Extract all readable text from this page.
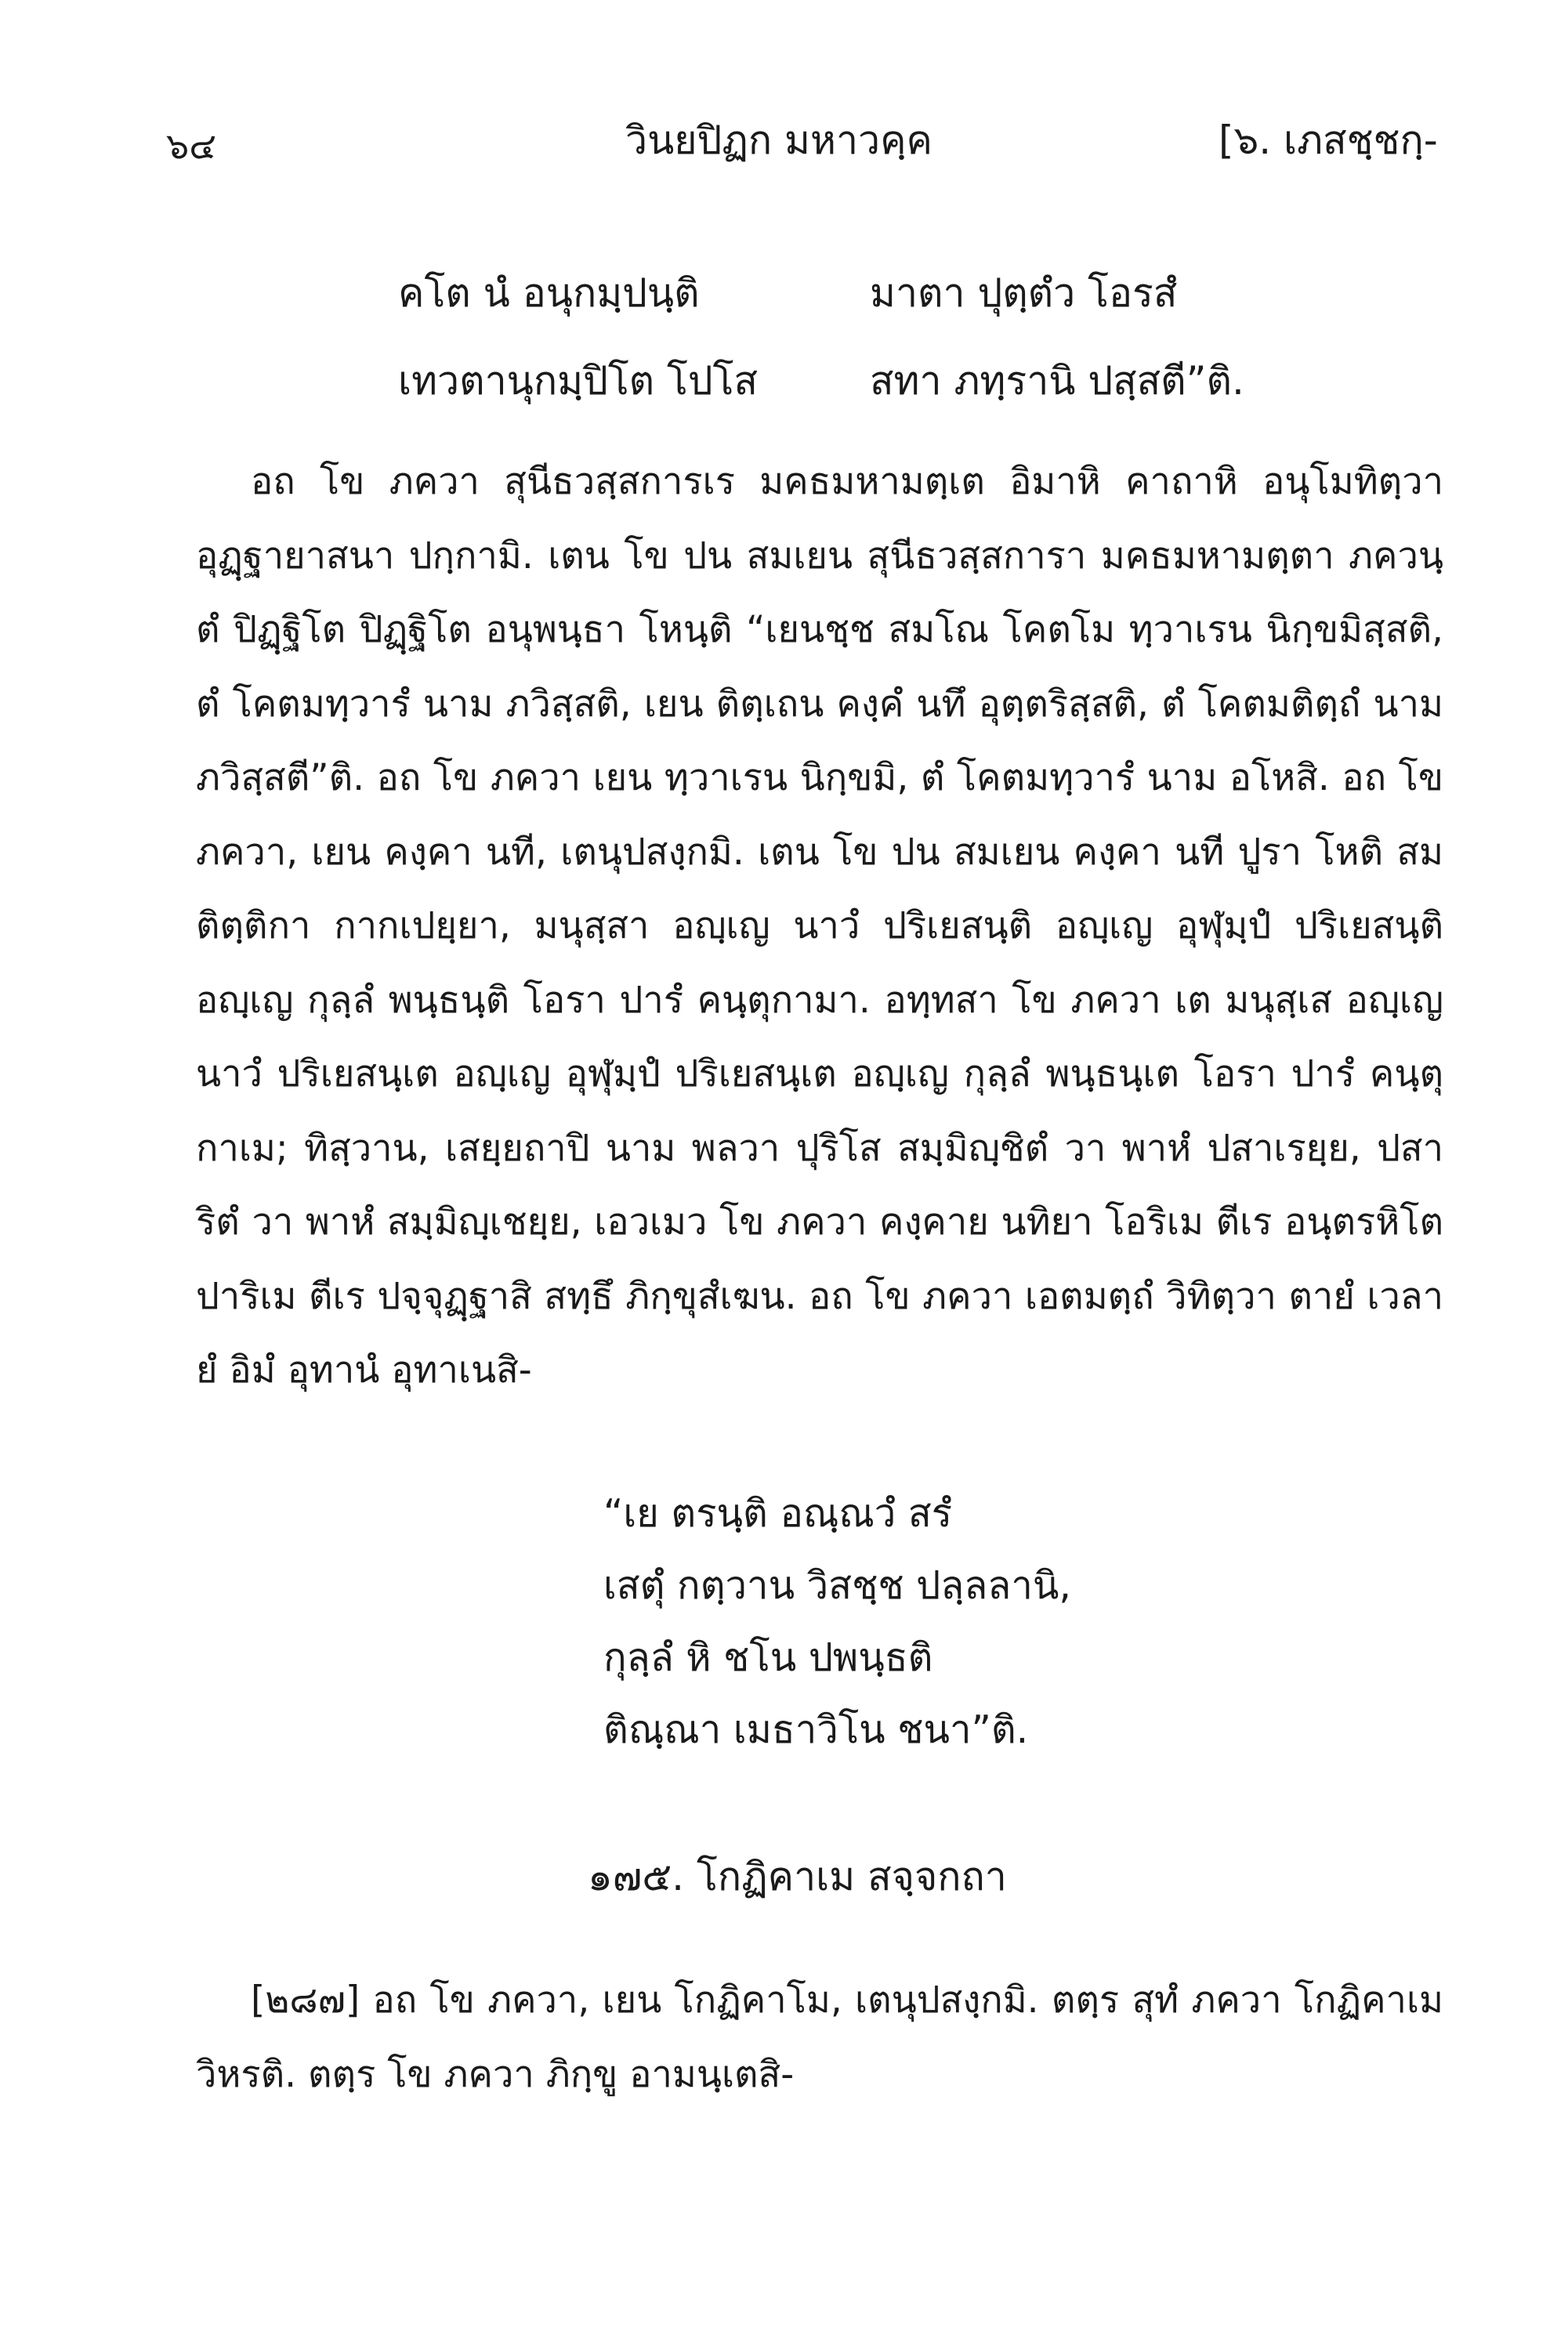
๖๔	วินยปิฏก มหาวคฺค	[๖. เภสชฺชกฺ-
คโต นํ อนุกมฺปนฺติ	มาตา ปุตฺตํว โอรสํ
เทวตานุกมฺปิโต โปโส	สทา ภทฺรานิ ปสฺสตี”ติ.

อถ โข ภควา สุนีธวสฺสการเร มคธมหามตฺเต อิมาหิ คาถาหิ อนุโมทิตฺวา อุฏฺฐายาสนา ปกฺกามิ. เตน โข ปน สมเยน สุนีธวสฺสการา มคธมหามตฺตา ภควนฺตํ ปิฏฺฐิโต ปิฏฺฐิโต อนุพนฺธา โหนฺติ “เยนชฺช สมโณ โคตโม ทฺวาเรน นิกฺขมิสฺสติ, ตํ โคตมทฺวารํ นาม ภวิสฺสติ, เยน ติตฺเถน คงฺคํ นทึ อุตฺตริสฺสติ, ตํ โคตมติตฺถํ นาม ภวิสฺสตี”ติ. อถ โข ภควา เยน ทฺวาเรน นิกฺขมิ, ตํ โคตมทฺวารํ นาม อโหสิ. อถ โข ภควา, เยน คงฺคา นที, เตนุปสงฺกมิ. เตน โข ปน สมเยน คงฺคา นที ปูรา โหติ สมติตฺติกา กากเปยฺยา, มนุสฺสา อญฺเญ นาวํ ปริเยสนฺติ อญฺเญ อุฬุมฺปํ ปริเยสนฺติ อญฺเญ กุลฺลํ พนฺธนฺติ โอรา ปารํ คนฺตุกามา. อทฺทสา โข ภควา เต มนุสฺเส อญฺเญ นาวํ ปริเยสนฺเต อญฺเญ อุฬุมฺปํ ปริเยสนฺเต อญฺเญ กุลฺลํ พนฺธนฺเต โอรา ปารํ คนฺตุกาเม; ทิสฺวาน, เสยฺยถาปิ นาม พลวา ปุริโส สมฺมิญฺชิตํ วา พาหํ ปสาเรยฺย, ปสาริตํ วา พาหํ สมฺมิญฺเชยฺย, เอวเมว โข ภควา คงฺคาย นทิยา โอริเม ตีเร อนฺตรหิโต ปาริเม ตีเร ปจฺจุฏฺฐาสิ สทฺธึ ภิกฺขุสํเฆน. อถ โข ภควา เอตมตฺถํ วิทิตฺวา ตายํ เวลายํ อิมํ อุทานํ อุทาเนสิ-

“เย ตรนฺติ อณฺณวํ สรํ
เสตุํ กตฺวาน วิสชฺช ปลฺลลานิ,
กุลฺลํ หิ ชโน ปพนฺธติ
ติณฺณา เมธาวิโน ชนา”ติ.
๑๗๕. โกฏิคาเม สจฺจกถา

[๒๘๗] อถ โข ภควา, เยน โกฏิคาโม, เตนุปสงฺกมิ. ตตฺร สุทํ ภควา โกฏิคาเม วิหรติ. ตตฺร โข ภควา ภิกฺขู อามนฺเตสิ-
